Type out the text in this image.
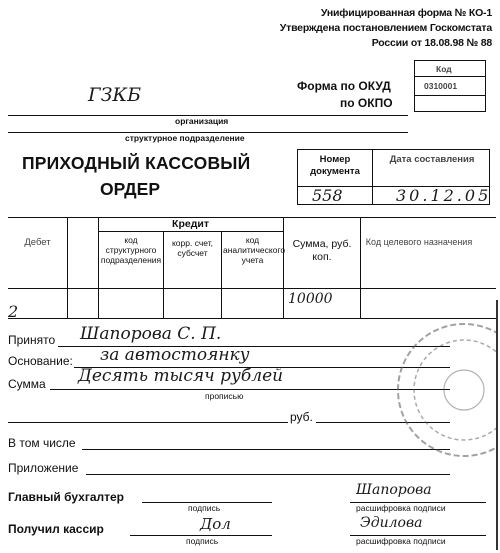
Унифицированная форма № КО-1
Утверждена постановлением Госкомстата
России от 18.08.98 № 88
Код
0310001
Форма по ОКУД
по ОКПО
ГЗКБ
организация
структурное подразделение
ПРИХОДНЫЙ КАССОВЫЙ
ОРДЕР
Номер документа
Дата составления
558	30.12.05
Дебет
Кредит
код структурного подразделения
корр. счет, субсчет
код аналитического учета
Сумма, руб. коп.
Код целевого назначения
10000
2
Принято Шапорова С. П.
Основание: за автостоянку
Сумма Десять тысяч рублей
прописью
руб.
В том числе
Приложение
Главный бухгалтер
подпись	расшифровка подписи
Шапорова
Получил кассир
подпись
Дол
расшифровка подписи
Эдилова
